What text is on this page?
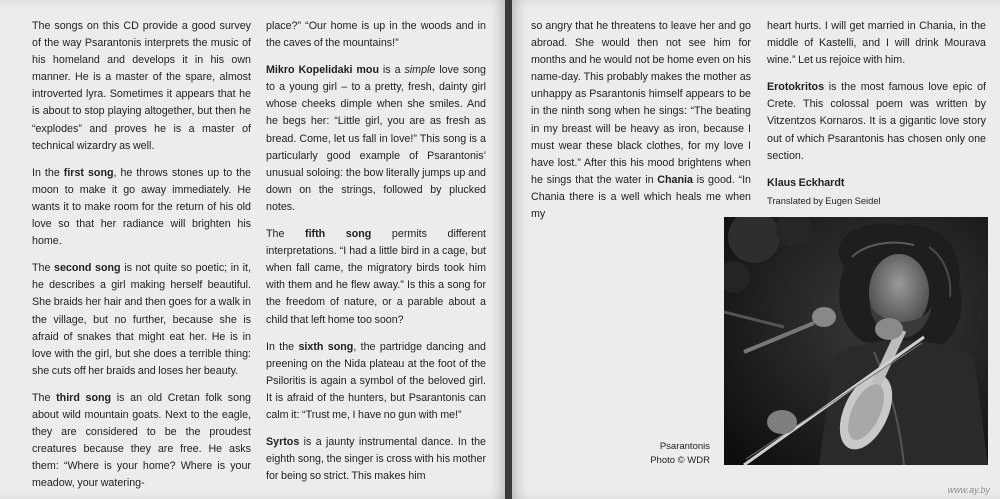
The songs on this CD provide a good survey of the way Psarantonis interprets the music of his homeland and develops it in his own manner. He is a master of the spare, almost introverted lyra. Sometimes it appears that he is about to stop playing altogether, but then he “explodes” and proves he is a master of technical wizardry as well.

In the first song, he throws stones up to the moon to make it go away immediately. He wants it to make room for the return of his old love so that her radiance will brighten his home.

The second song is not quite so poetic; in it, he describes a girl making herself beautiful. She braids her hair and then goes for a walk in the village, but no further, because she is afraid of snakes that might eat her. He is in love with the girl, but she does a terrible thing: she cuts off her braids and loses her beauty.

The third song is an old Cretan folk song about wild mountain goats. Next to the eagle, they are considered to be the proudest creatures because they are free. He asks them: “Where is your home? Where is your meadow, your watering-

place?” “Our home is up in the woods and in the caves of the mountains!”

Mikro Kopelidaki mou is a simple love song to a young girl – to a pretty, fresh, dainty girl whose cheeks dimple when she smiles. And he begs her: “Little girl, you are as fresh as bread. Come, let us fall in love!” This song is a particularly good example of Psarantonis’ unusual soloing: the bow literally jumps up and down on the strings, followed by plucked notes.

The fifth song permits different interpretations. “I had a little bird in a cage, but when fall came, the migratory birds took him with them and he flew away.” Is this a song for the freedom of nature, or a parable about a child that left home too soon?

In the sixth song, the partridge dancing and preening on the Nida plateau at the foot of the Psiloritis is again a symbol of the beloved girl. It is afraid of the hunters, but Psarantonis can calm it: “Trust me, I have no gun with me!”

Syrtos is a jaunty instrumental dance. In the eighth song, the singer is cross with his mother for being so strict. This makes him

so angry that he threatens to leave her and go abroad. She would then not see him for months and he would not be home even on his name-day. This probably makes the mother as unhappy as Psarantonis himself appears to be in the ninth song when he sings: “The beating in my breast will be heavy as iron, because I must wear these black clothes, for my love I have lost.” After this his mood brightens when he sings that the water in Chania is good. “In Chania there is a well which heals me when my

heart hurts. I will get married in Chania, in the middle of Kastelli, and I will drink Mourava wine.” Let us rejoice with him.

Erotokritos is the most famous love epic of Crete. This colossal poem was written by Vitzentzos Kornaros. It is a gigantic love story out of which Psarantonis has chosen only one section.

Klaus Eckhardt
Translated by Eugen Seidel

Psarantonis
Photo © WDR
www.ay.by
